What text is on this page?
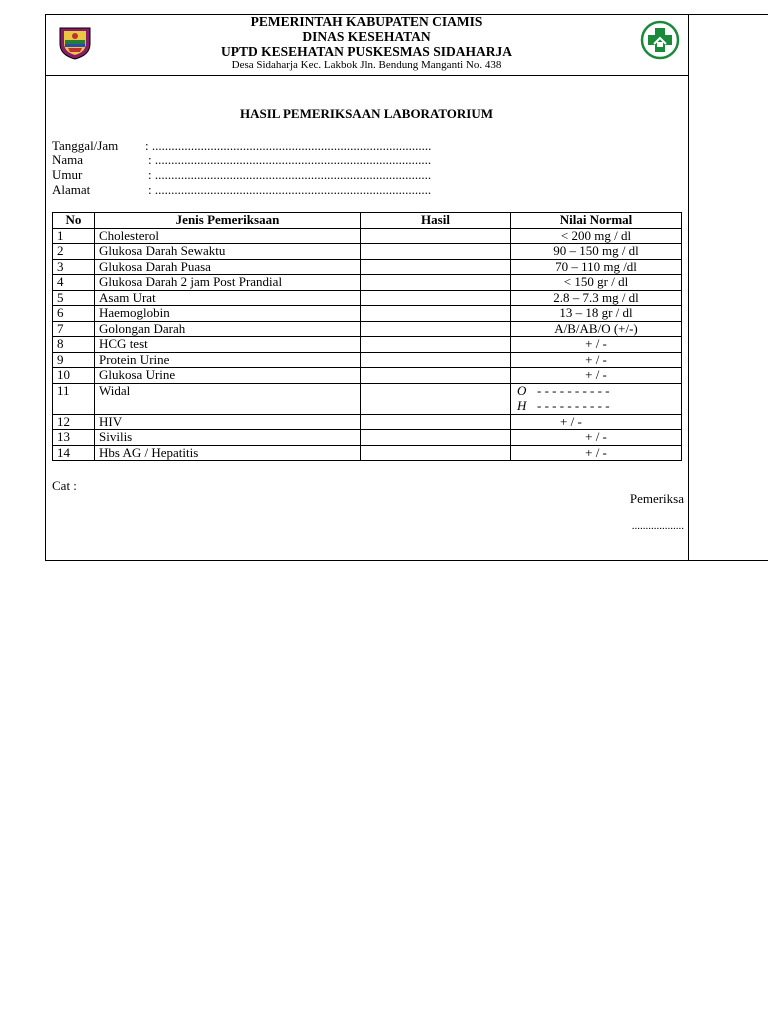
PEMERINTAH KABUPATEN CIAMIS
DINAS KESEHATAN
UPTD KESEHATAN PUSKESMAS SIDAHARJA
Desa Sidaharja Kec. Lakbok Jln. Bendung Manganti No. 438
HASIL PEMERIKSAAN LABORATORIUM
Tanggal/Jam : ......................................................................................
Nama	: .....................................................................................
Umur	: .....................................................................................
Alamat	: .....................................................................................
No	Jenis Pemeriksaan	Hasil	Nilai Normal
1	Cholesterol		< 200 mg / dl
2	Glukosa Darah Sewaktu		90 – 150 mg / dl
3	Glukosa Darah Puasa		70 – 110 mg /dl
4	Glukosa Darah 2 jam Post Prandial		< 150 gr / dl
5	Asam Urat		2.8 – 7.3 mg / dl
6	Haemoglobin		13 – 18 gr / dl
7	Golongan Darah		A/B/AB/O (+/-)
8	HCG test		+ / -
9	Protein Urine		+ / -
10	Glukosa Urine		+ / -
11	Widal		O - - - - - - - - - -
H - - - - - - - - - -

12	HIV		+ / -
13	Sivilis		+ / -
14	Hbs AG / Hepatitis		+ / -
Cat :
Pemeriksa
...................
